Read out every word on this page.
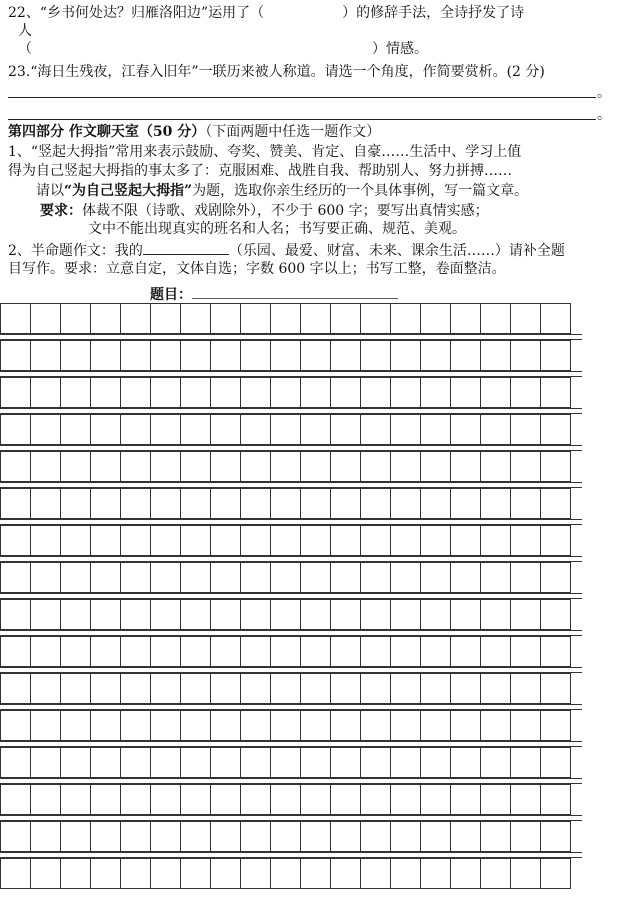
22、“乡书何处达？归雁洛阳边”运用了（	）的修辞手法，全诗抒发了诗
人
（	）情感。
23.“海日生残夜，江春入旧年”一联历来被人称道。请选一个角度，作简要赏析。(2 分)
。
。
第四部分 作文聊天室（50 分）（下面两题中任选一题作文）
1、“竖起大拇指”常用来表示鼓励、夸奖、赞美、肯定、自豪……生活中、学习上值
得为自己竖起大拇指的事太多了：克服困难、战胜自我、帮助别人、努力拼搏……
请以“为自己竖起大拇指”为题，选取你亲生经历的一个具体事例，写一篇文章。
要求：体裁不限（诗歌、戏剧除外），不少于 600 字；要写出真情实感；
文中不能出现真实的班名和人名；书写要正确、规范、美观。
2、半命题作文：我的	（乐园、最爱、财富、未来、课余生活……）请补全题
目写作。要求：立意自定，文体自选；字数 600 字以上；书写工整，卷面整洁。
题目：
